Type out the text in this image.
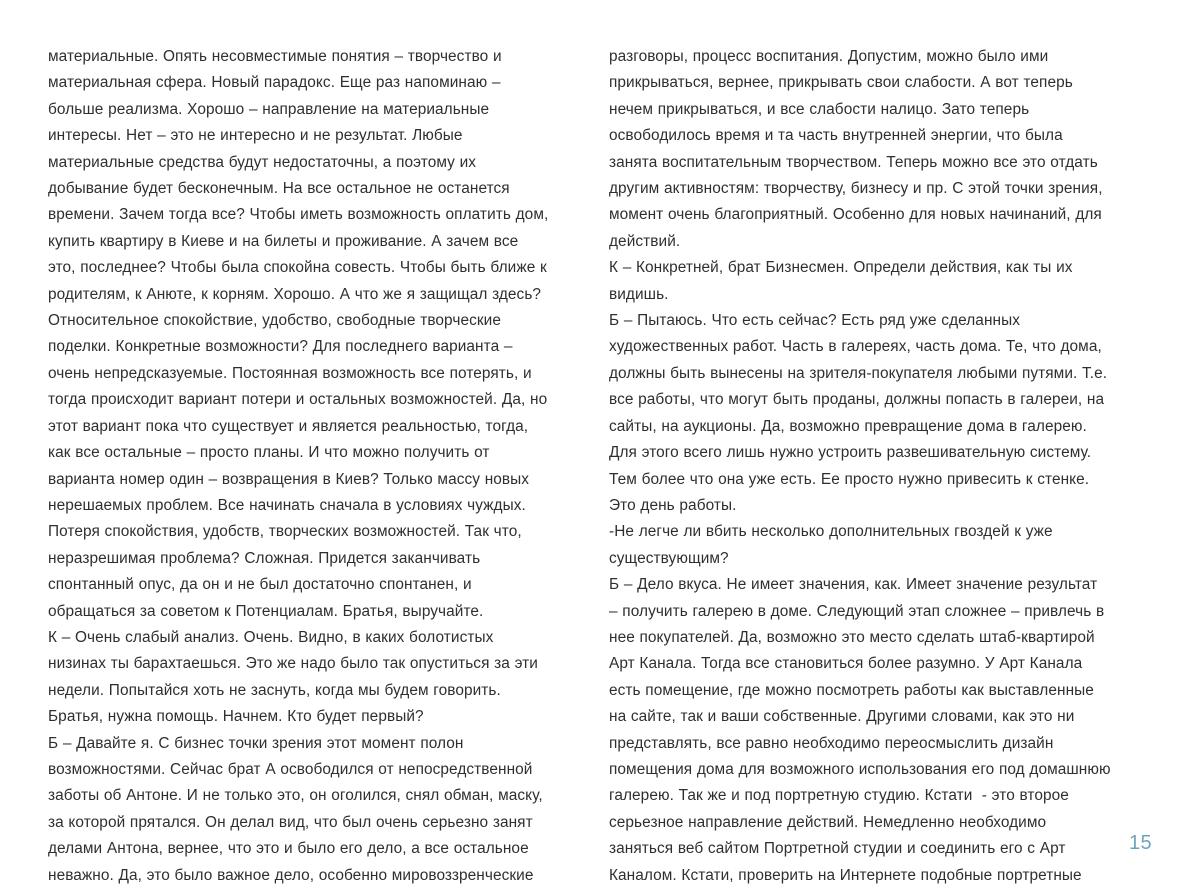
материальные. Опять несовместимые понятия – творчество и
материальная сфера. Новый парадокс. Еще раз напоминаю –
больше реализма. Хорошо – направление на материальные
интересы. Нет – это не интересно и не результат. Любые
материальные средства будут недостаточны, а поэтому их
добывание будет бесконечным. На все остальное не останется
времени. Зачем тогда все? Чтобы иметь возможность оплатить дом,
купить квартиру в Киеве и на билеты и проживание. А зачем все
это, последнее? Чтобы была спокойна совесть. Чтобы быть ближе к
родителям, к Анюте, к корням. Хорошо. А что же я защищал здесь?
Относительное спокойствие, удобство, свободные творческие
поделки. Конкретные возможности? Для последнего варианта –
очень непредсказуемые. Постоянная возможность все потерять, и
тогда происходит вариант потери и остальных возможностей. Да, но
этот вариант пока что существует и является реальностью, тогда,
как все остальные – просто планы. И что можно получить от
варианта номер один – возвращения в Киев? Только массу новых
нерешаемых проблем. Все начинать сначала в условиях чуждых.
Потеря спокойствия, удобств, творческих возможностей. Так что,
неразрешимая проблема? Сложная. Придется заканчивать
спонтанный опус, да он и не был достаточно спонтанен, и
обращаться за советом к Потенциалам. Братья, выручайте.
К – Очень слабый анализ. Очень. Видно, в каких болотистых
низинах ты барахтаешься. Это же надо было так опуститься за эти
недели. Попытайся хоть не заснуть, когда мы будем говорить.
Братья, нужна помощь. Начнем. Кто будет первый?
Б – Давайте я. С бизнес точки зрения этот момент полон
возможностями. Сейчас брат А освободился от непосредственной
заботы об Антоне. И не только это, он оголился, снял обман, маску,
за которой прятался. Он делал вид, что был очень серьезно занят
делами Антона, вернее, что это и было его дело, а все остальное
неважно. Да, это было важное дело, особенно мировоззренческие
разговоры, процесс воспитания. Допустим, можно было ими
прикрываться, вернее, прикрывать свои слабости. А вот теперь
нечем прикрываться, и все слабости налицо. Зато теперь
освободилось время и та часть внутренней энергии, что была
занята воспитательным творчеством. Теперь можно все это отдать
другим активностям: творчеству, бизнесу и пр. С этой точки зрения,
момент очень благоприятный. Особенно для новых начинаний, для
действий.
К – Конкретней, брат Бизнесмен. Определи действия, как ты их
видишь.
Б – Пытаюсь. Что есть сейчас? Есть ряд уже сделанных
художественных работ. Часть в галереях, часть дома. Те, что дома,
должны быть вынесены на зрителя-покупателя любыми путями. Т.е.
все работы, что могут быть проданы, должны попасть в галереи, на
сайты, на аукционы. Да, возможно превращение дома в галерею.
Для этого всего лишь нужно устроить развешивательную систему.
Тем более что она уже есть. Ее просто нужно привесить к стенке.
Это день работы.
-Не легче ли вбить несколько дополнительных гвоздей к уже
существующим?
Б – Дело вкуса. Не имеет значения, как. Имеет значение результат
– получить галерею в доме. Следующий этап сложнее – привлечь в
нее покупателей. Да, возможно это место сделать штаб-квартирой
Арт Канала. Тогда все становиться более разумно. У Арт Канала
есть помещение, где можно посмотреть работы как выставленные
на сайте, так и ваши собственные. Другими словами, как это ни
представлять, все равно необходимо переосмыслить дизайн
помещения дома для возможного использования его под домашнюю
галерею. Так же и под портретную студию. Кстати  - это второе
серьезное направление действий. Немедленно необходимо
заняться веб сайтом Портретной студии и соединить его с Арт
Каналом. Кстати, проверить на Интернете подобные портретные
15
